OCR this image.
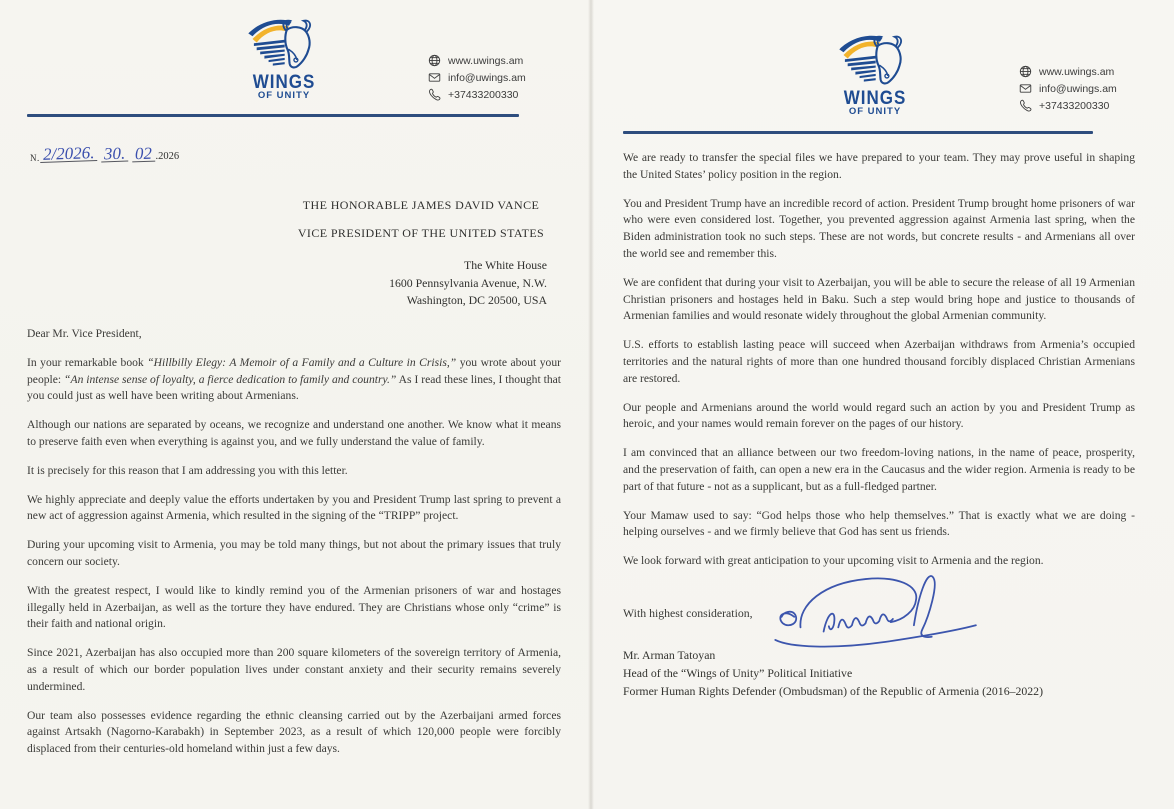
WINGS
OF UNITY
www.uwings.am
info@uwings.am
+37433200330
N. 2/2026. 30. 02 .2026
THE HONORABLE JAMES DAVID VANCE
VICE PRESIDENT OF THE UNITED STATES
The White House
1600 Pennsylvania Avenue, N.W.
Washington, DC 20500, USA

Dear Mr. Vice President,

In your remarkable book “Hillbilly Elegy: A Memoir of a Family and a Culture in Crisis,” you wrote about your people: “An intense sense of loyalty, a fierce dedication to family and country.” As I read these lines, I thought that you could just as well have been writing about Armenians.

Although our nations are separated by oceans, we recognize and understand one another. We know what it means to preserve faith even when everything is against you, and we fully understand the value of family.

It is precisely for this reason that I am addressing you with this letter.

We highly appreciate and deeply value the efforts undertaken by you and President Trump last spring to prevent a new act of aggression against Armenia, which resulted in the signing of the “TRIPP” project.

During your upcoming visit to Armenia, you may be told many things, but not about the primary issues that truly concern our society.

With the greatest respect, I would like to kindly remind you of the Armenian prisoners of war and hostages illegally held in Azerbaijan, as well as the torture they have endured. They are Christians whose only “crime” is their faith and national origin.

Since 2021, Azerbaijan has also occupied more than 200 square kilometers of the sovereign territory of Armenia, as a result of which our border population lives under constant anxiety and their security remains severely undermined.

Our team also possesses evidence regarding the ethnic cleansing carried out by the Azerbaijani armed forces against Artsakh (Nagorno-Karabakh) in September 2023, as a result of which 120,000 people were forcibly displaced from their centuries-old homeland within just a few days.

WINGS
OF UNITY
www.uwings.am
info@uwings.am
+37433200330

We are ready to transfer the special files we have prepared to your team. They may prove useful in shaping the United States’ policy position in the region.

You and President Trump have an incredible record of action. President Trump brought home prisoners of war who were even considered lost. Together, you prevented aggression against Armenia last spring, when the Biden administration took no such steps. These are not words, but concrete results - and Armenians all over the world see and remember this.

We are confident that during your visit to Azerbaijan, you will be able to secure the release of all 19 Armenian Christian prisoners and hostages held in Baku. Such a step would bring hope and justice to thousands of Armenian families and would resonate widely throughout the global Armenian community.

U.S. efforts to establish lasting peace will succeed when Azerbaijan withdraws from Armenia’s occupied territories and the natural rights of more than one hundred thousand forcibly displaced Christian Armenians are restored.

Our people and Armenians around the world would regard such an action by you and President Trump as heroic, and your names would remain forever on the pages of our history.

I am convinced that an alliance between our two freedom-loving nations, in the name of peace, prosperity, and the preservation of faith, can open a new era in the Caucasus and the wider region. Armenia is ready to be part of that future - not as a supplicant, but as a full-fledged partner.

Your Mamaw used to say: “God helps those who help themselves.” That is exactly what we are doing - helping ourselves - and we firmly believe that God has sent us friends.

We look forward with great anticipation to your upcoming visit to Armenia and the region.

With highest consideration,
Mr. Arman Tatoyan
Head of the “Wings of Unity” Political Initiative
Former Human Rights Defender (Ombudsman) of the Republic of Armenia (2016–2022)
